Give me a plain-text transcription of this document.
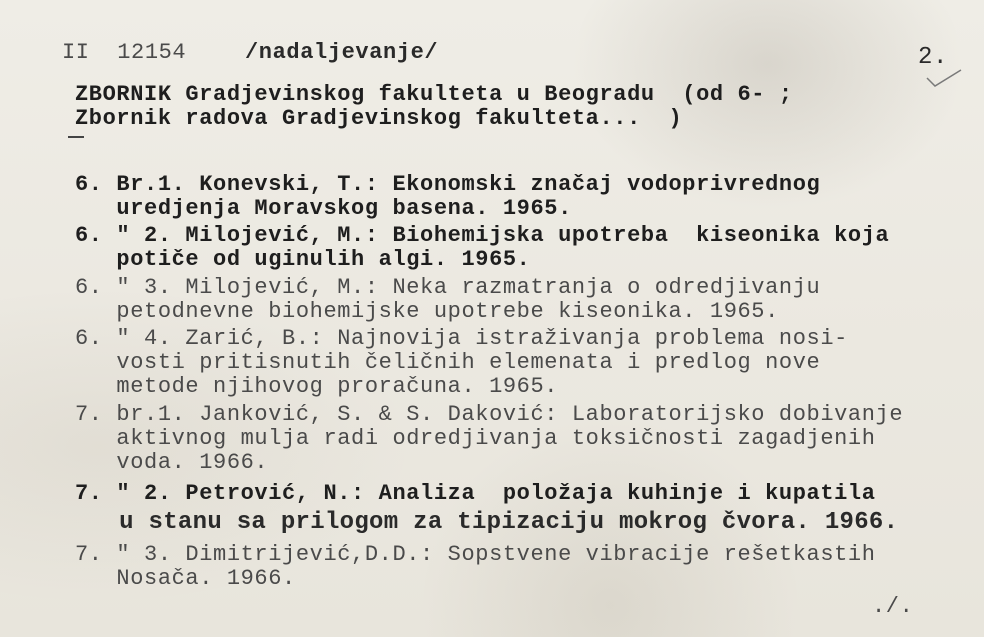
II  12154	/nadaljevanje/	2.
ZBORNIK Gradjevinskog fakulteta u Beogradu  (od 6- ;
Zbornik radova Gradjevinskog fakulteta...  )
6. Br.1. Konevski, T.: Ekonomski značaj vodoprivrednog
uredjenja Moravskog basena. 1965.
6. " 2. Milojević, M.: Biohemijska upotreba  kiseonika koja
potiče od uginulih algi. 1965.
6. " 3. Milojević, M.: Neka razmatranja o odredjivanju
petodnevne biohemijske upotrebe kiseonika. 1965.
6. " 4. Zarić, B.: Najnovija istraživanja problema nosi-
vosti pritisnutih čeličnih elemenata i predlog nove
metode njihovog proračuna. 1965.
7. br.1. Janković, S. & S. Daković: Laboratorijsko dobivanje
aktivnog mulja radi odredjivanja toksičnosti zagadjenih
voda. 1966.
7. " 2. Petrović, N.: Analiza  položaja kuhinje i kupatila
u stanu sa prilogom za tipizaciju mokrog čvora. 1966.
7. " 3. Dimitrijević,D.D.: Sopstvene vibracije rešetkastih
Nosača. 1966.
./.
